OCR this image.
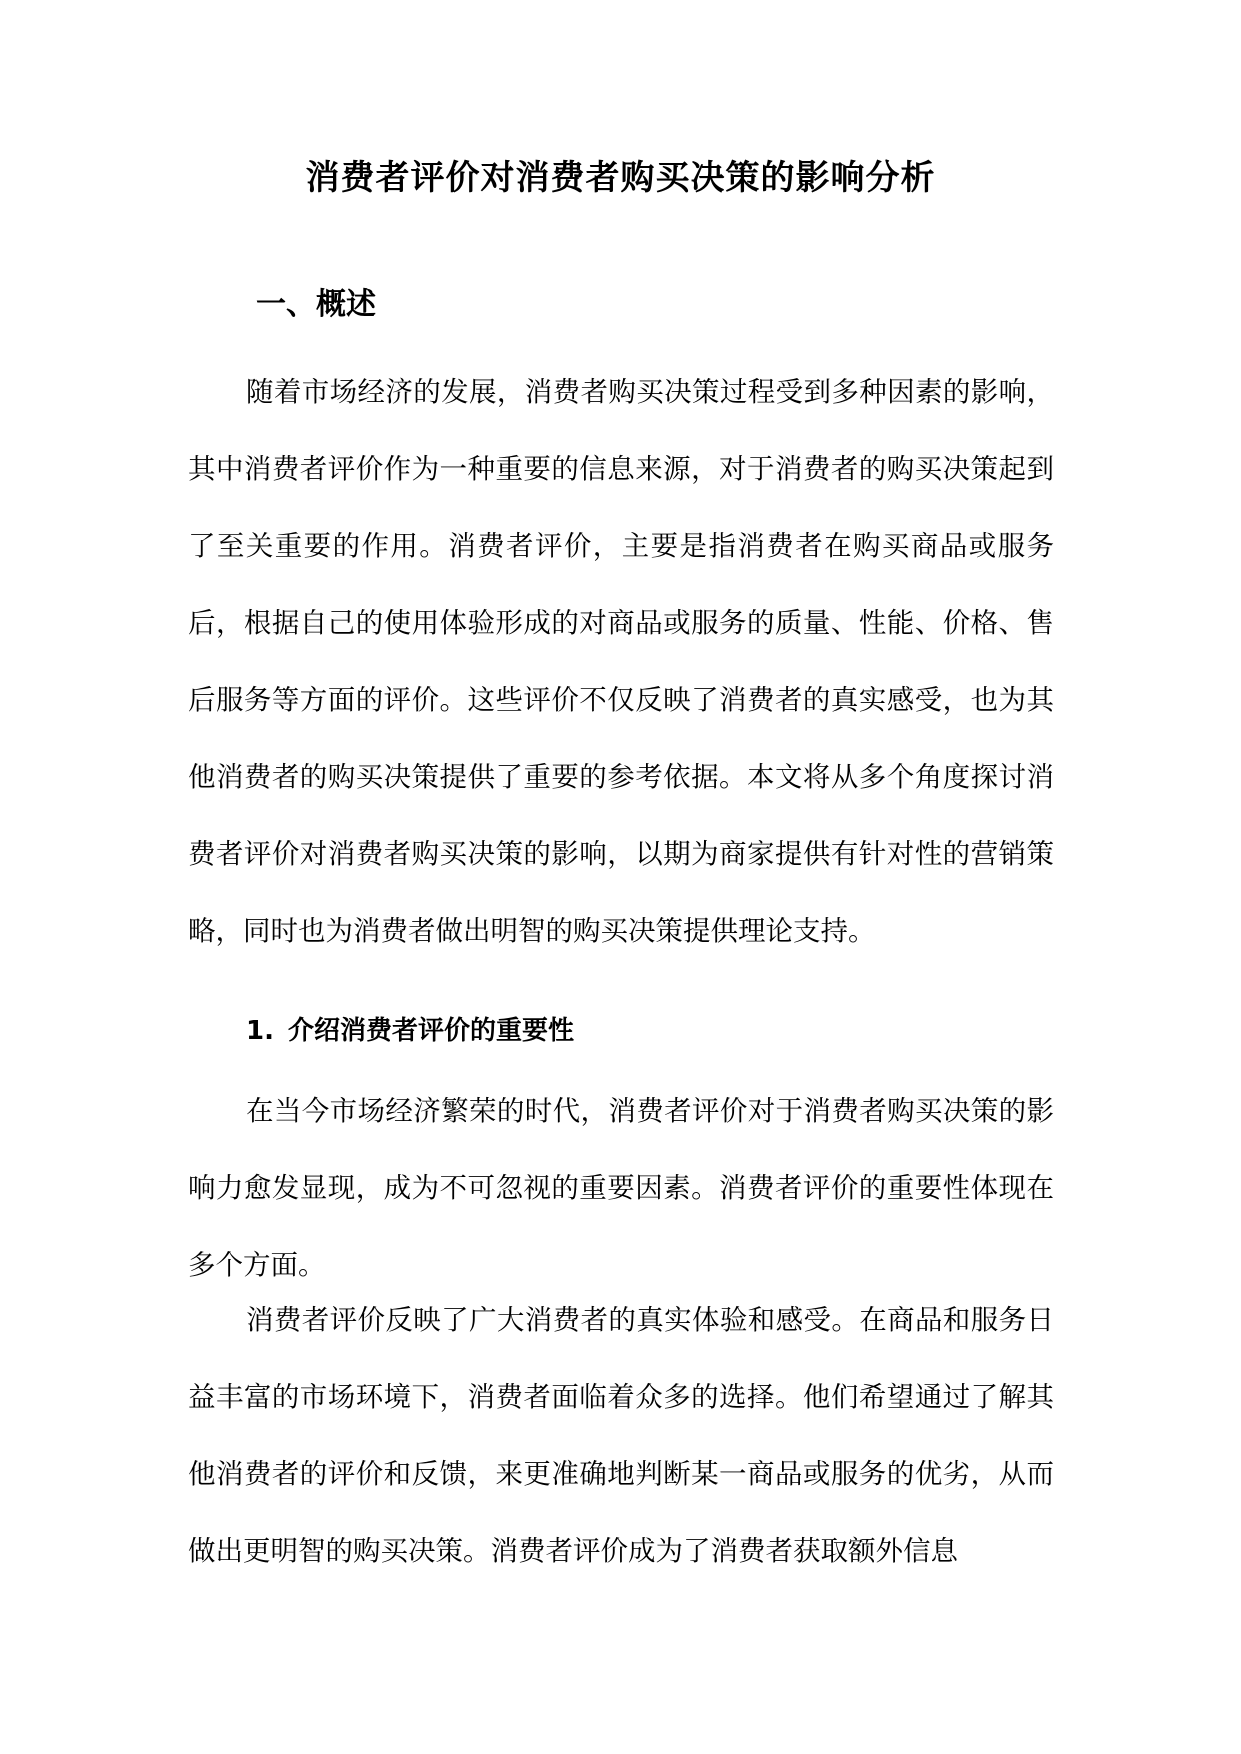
消费者评价对消费者购买决策的影响分析
一、概述

随着市场经济的发展，消费者购买决策过程受到多种因素的影响，其中消费者评价作为一种重要的信息来源，对于消费者的购买决策起到了至关重要的作用。消费者评价，主要是指消费者在购买商品或服务后，根据自己的使用体验形成的对商品或服务的质量、性能、价格、售后服务等方面的评价。这些评价不仅反映了消费者的真实感受，也为其他消费者的购买决策提供了重要的参考依据。本文将从多个角度探讨消费者评价对消费者购买决策的影响，以期为商家提供有针对性的营销策略，同时也为消费者做出明智的购买决策提供理论支持。

1. 介绍消费者评价的重要性

在当今市场经济繁荣的时代，消费者评价对于消费者购买决策的影响力愈发显现，成为不可忽视的重要因素。消费者评价的重要性体现在多个方面。

消费者评价反映了广大消费者的真实体验和感受。在商品和服务日益丰富的市场环境下，消费者面临着众多的选择。他们希望通过了解其他消费者的评价和反馈，来更准确地判断某一商品或服务的优劣，从而做出更明智的购买决策。消费者评价成为了消费者获取额外信息
